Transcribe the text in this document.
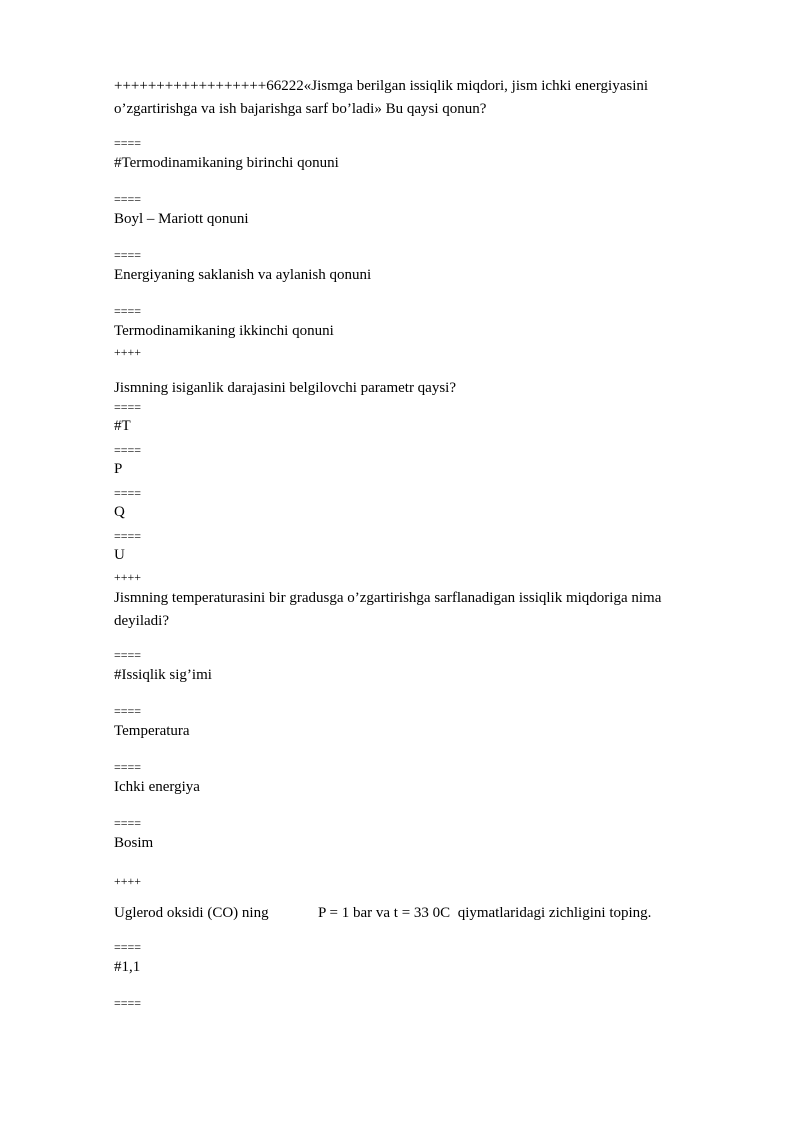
++++++++++++++++++66222«Jismga berilgan issiqlik miqdori, jism ichki energiyasini
o’zgartirishga va ish bajarishga sarf bo’ladi» Bu qaysi qonun?
====
#Termodinamikaning birinchi qonuni
====
Boyl – Mariott qonuni
====
Energiyaning saklanish va aylanish qonuni
====
Termodinamikaning ikkinchi qonuni
++++
Jismning isiganlik darajasini belgilovchi parametr qaysi?
====
#T
====
P
====
Q
====
U
++++
Jismning temperaturasini bir gradusga o’zgartirishga sarflanadigan issiqlik miqdoriga nima
deyiladi?
====
#Issiqlik sig’imi
====
Temperatura
====
Ichki energiya
====
Bosim
++++
Uglerod oksidi (CO) ning	P = 1 bar va t = 33 0C  qiymatlaridagi zichligini toping.
====
#1,1
====
